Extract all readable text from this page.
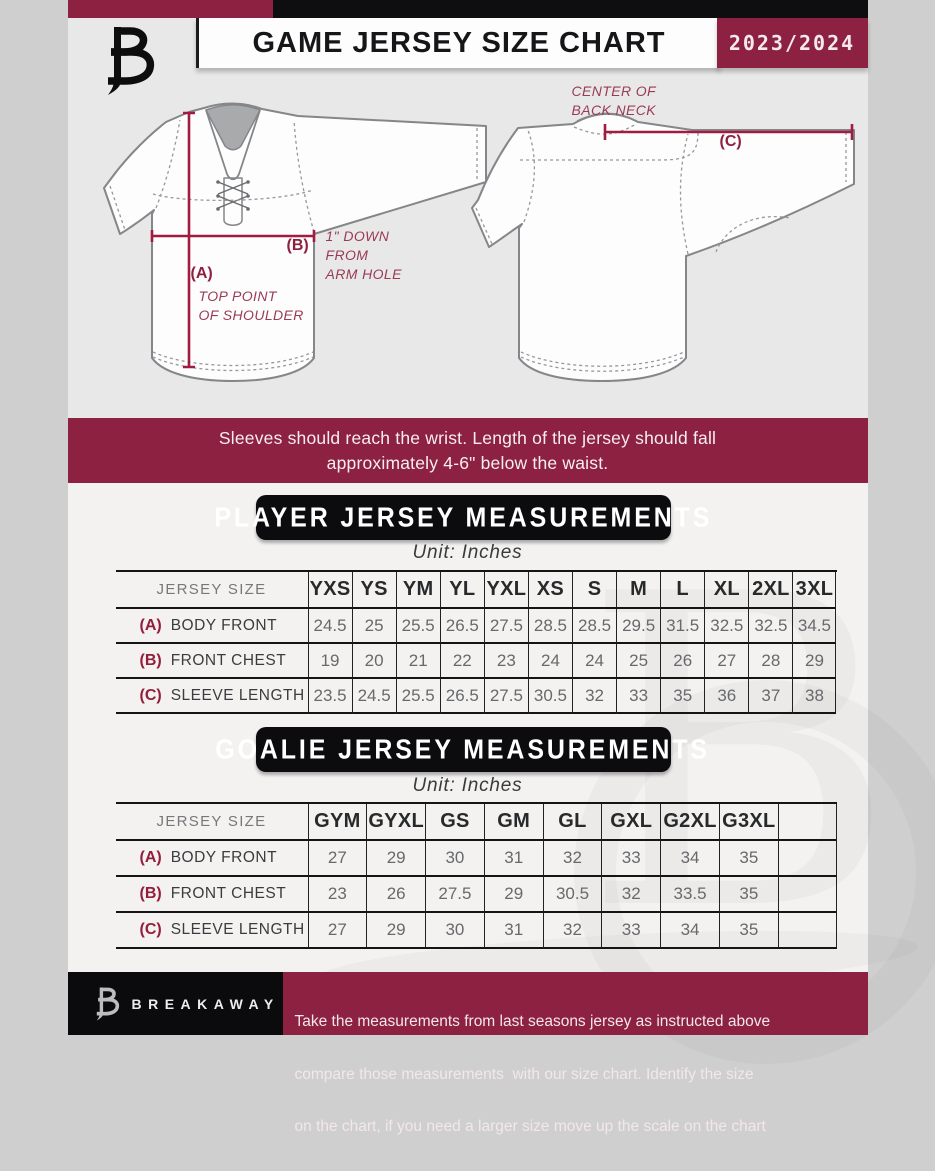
GAME JERSEY SIZE CHART	2023/2024
CENTER OF
BACK NECK
(C)
(B)
1" DOWN
FROM
ARM HOLE
(A)
TOP POINT
OF SHOULDER
Sleeves should reach the wrist. Length of the jersey should fall
approximately 4-6" below the waist.
PLAYER JERSEY MEASUREMENTS
Unit: Inches
JERSEY SIZE	YXS YS YM YL YXL XS	S	M	L	XL 2XL 3XL
(A) BODY FRONT	24.5	25	25.5 26.5 27.5 28.5 28.5 29.5 31.5 32.5 32.5 34.5
(B) FRONT CHEST	19	20	21	22	23	24	24	25	26	27	28	29
(C) SLEEVE LENGTH 23.5 24.5 25.5 26.5 27.5 30.5	32	33	35	36	37	38
GOALIE JERSEY MEASUREMENTS
Unit: Inches
JERSEY SIZE	GYM GYXL GS	GM	GL	GXL G2XL G3XL
(A) BODY FRONT	27	29	30	31	32	33	34	35
(B) FRONT CHEST	23	26	27.5	29	30.5	32	33.5	35
(C) SLEEVE LENGTH	27	29	30	31	32	33	34	35
BREAKAWAY

Take the measurements from last seasons jersey as instructed above

compare those measurements  with our size chart. Identify the size

on the chart, if you need a larger size move up the scale on the chart
